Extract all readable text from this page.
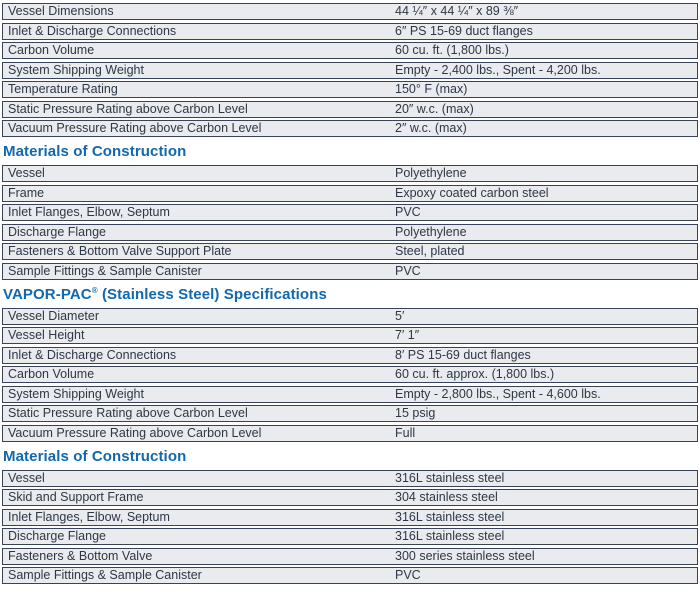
Vessel Dimensions	44 ¼″ x 44 ¼″ x 89 ⅜″
Inlet & Discharge Connections	6″ PS 15-69 duct flanges
Carbon Volume	60 cu. ft. (1,800 lbs.)
System Shipping Weight	Empty - 2,400 lbs., Spent - 4,200 lbs.
Temperature Rating	150° F (max)
Static Pressure Rating above Carbon Level	20″ w.c. (max)
Vacuum Pressure Rating above Carbon Level	2″ w.c. (max)
Materials of Construction
Vessel	Polyethylene
Frame	Expoxy coated carbon steel
Inlet Flanges, Elbow, Septum	PVC
Discharge Flange	Polyethylene
Fasteners & Bottom Valve Support Plate	Steel, plated
Sample Fittings & Sample Canister	PVC
VAPOR-PAC® (Stainless Steel) Specifications
Vessel Diameter	5′
Vessel Height	7′ 1″
Inlet & Discharge Connections	8′ PS 15-69 duct flanges
Carbon Volume	60 cu. ft. approx. (1,800 lbs.)
System Shipping Weight	Empty - 2,800 lbs., Spent - 4,600 lbs.
Static Pressure Rating above Carbon Level	15 psig
Vacuum Pressure Rating above Carbon Level	Full
Materials of Construction
Vessel	316L stainless steel
Skid and Support Frame	304 stainless steel
Inlet Flanges, Elbow, Septum	316L stainless steel
Discharge Flange	316L stainless steel
Fasteners & Bottom Valve	300 series stainless steel
Sample Fittings & Sample Canister	PVC
